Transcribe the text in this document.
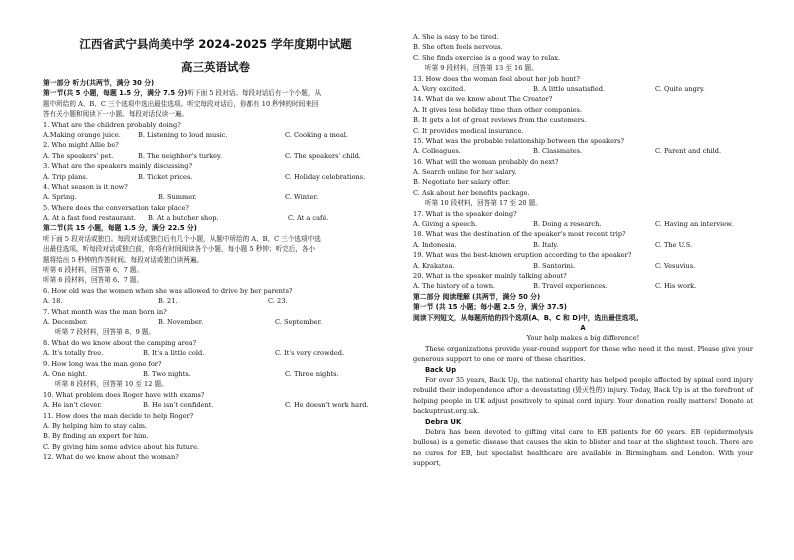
江西省武宁县尚美中学 2024-2025 学年度期中试题
高三英语试卷
第一部分 听力(共两节，满分 30 分)
第一节(共 5 小题，每题 1.5 分，满分 7.5 分)听下面 5 段对话。每段对话后有一个小题，从
题中所给的 A、B、C 三个选项中选出最佳选项。听完每段对话后，你都有 10 秒钟的时间来回
答有关小题和阅读下一小题。每段对话仅读一遍。
1. What are the children probably doing?
A.Making orange juice.	B. Listening to loud music.	C. Cooking a meal.
2. Who might Allie be?
A. The speakers' pet.	B. The neighbor's turkey.	C. The speakers' child.
3. What are the speakers mainly discussing?
A. Trip plans.	B. Ticket prices.	C. Holiday celebrations.
4. What season is it now?
A. Spring.	B. Summer.	C. Winter.
5. Where does the conversation take place?
A. At a fast food restaurant.	B. At a butcher shop.	C. At a café.
第二节(共 15 小题，每题 1.5 分，满分 22.5 分)
听下面 5 段对话或独白。每段对话或独白后有几个小题，从题中所给的 A、B、C 三个选项中选
出最佳选项。听每段对话或独白前，你将有时间阅读各个小题，每小题 5 秒钟；听完后，各小
题将给出 5 秒钟的作答时间。每段对话或独白读两遍。
听第 6 段材料，回答第 6、7 题。
听第 6 段材料，回答第 6、7 题。
6. How old was the women when she was allowed to drive by her parents?
A. 18.	B. 21.	C. 23.
7. What month was the man born in?
A. December.	B. November.	C. September.
听第 7 段材料，回答第 8、9 题。
8. What do we know about the camping area?
A. It's totally free.	B. It's a little cold.	C. It's very crowded.
9. How long was the man gone for?
A. One night.	B. Two nights.	C. Three nights.
听第 8 段材料，回答第 10 至 12 题。
10. What problem does Roger have with exams?
A. He isn't clever.	B. He isn't confident.	C. He doesn't work hard.
11. How does the man decide to help Roger?
A. By helping him to stay calm.
B. By finding an expert for him.
C. By giving him some advice about his future.
12. What do we know about the woman?
A. She is easy to be tired.
B. She often feels nervous.
C. She finds exercise is a good way to relax.
听第 9 段材料，回答第 13 至 16 题。
13. How does the woman feel about her job hunt?
A. Very excited.	B. A little unsatisfied.	C. Quite angry.
14. What do we know about The Creator?
A. It gives less holiday time than other companies.
B. It gets a lot of great reviews from the customers.
C. It provides medical insurance.
15. What was the probable relationship between the speakers?
A. Colleagues.	B. Classmates.	C. Parent and child.
16. What will the woman probably do next?
A. Search online for her salary.
B. Negotiate her salary offer.
C. Ask about her benefits package.
听第 10 段材料，回答第 17 至 20 题。
17. What is the speaker doing?
A. Giving a speech.	B. Doing a research.	C. Having an interview.
18. What was the destination of the speaker's most recent trip?
A. Indonesia.	B. Italy.	C. The U.S.
19. What was the best-known eruption according to the speaker?
A. Krakatoa.	B. Santorini.	C. Vesuvius.
20. What is the speaker mainly talking about?
A. The history of a town.	B. Travel experiences.	C. His work.
第二部分 阅读理解 (共两节，满分 50 分)
第一节 (共 15 小题；每小题 2.5 分，满分 37.5)
阅读下列短文，从每题所给的四个选项(A、B、C 和 D)中，选出最佳选项。
A
Your help makes a big difference!
These organizations provide year-round support for those who need it the most. Please give your generous support to one or more of these charities.
Back Up
For over 35 years, Back Up, the national charity has helped people affected by spinal cord injury rebuild their independence after a devastating (毁灭性的) injury. Today, Back Up is at the forefront of helping people in UK adjust positively to spinal cord injury. Your donation really matters! Donate at backuptrust.org.uk.
Debra UK
Debra has been devoted to gifting vital care to EB patients for 60 years. EB (epidermolysis bullosa) is a genetic disease that causes the skin to blister and tear at the slightest touch. There are no cures for EB, but specialist healthcare are available in Birmingham and London. With your support,
